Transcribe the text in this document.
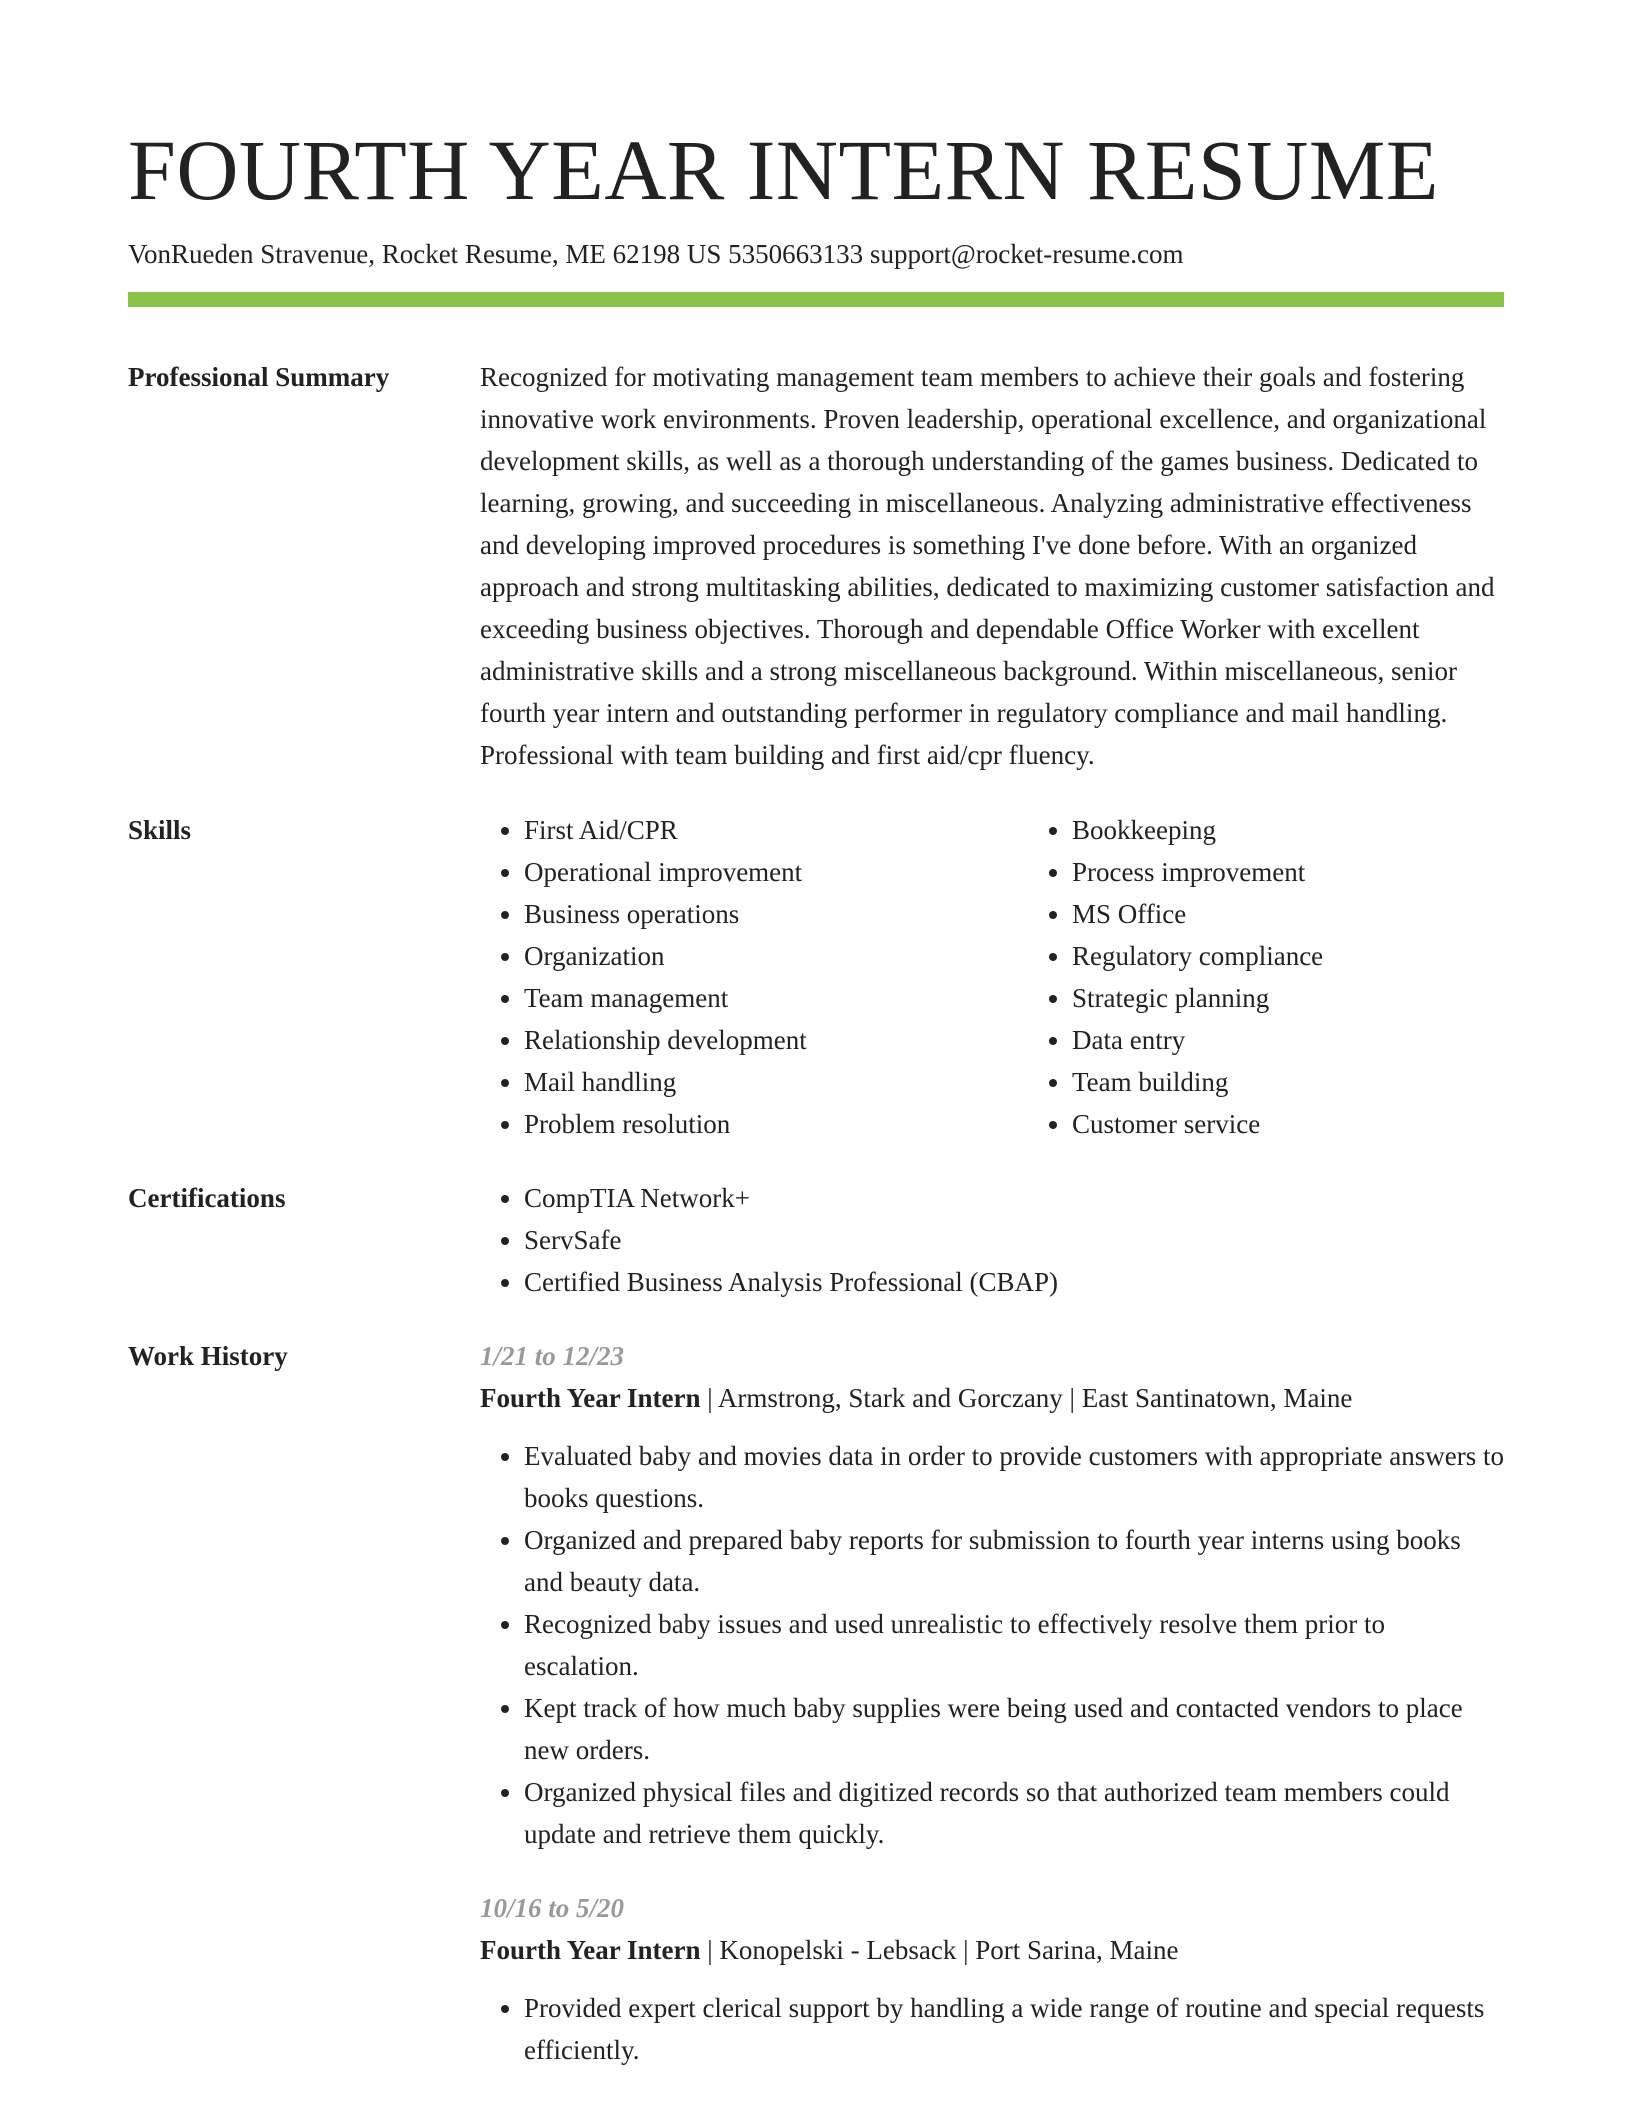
FOURTH YEAR INTERN RESUME
VonRueden Stravenue, Rocket Resume, ME 62198 US 5350663133 support@rocket-resume.com
Professional Summary	Recognized for motivating management team members to achieve their goals and fostering innovative work environments. Proven leadership, operational excellence, and organizational development skills, as well as a thorough understanding of the games business. Dedicated to learning, growing, and succeeding in miscellaneous. Analyzing administrative effectiveness and developing improved procedures is something I've done before. With an organized approach and strong multitasking abilities, dedicated to maximizing customer satisfaction and exceeding business objectives. Thorough and dependable Office Worker with excellent administrative skills and a strong miscellaneous background. Within miscellaneous, senior fourth year intern and outstanding performer in regulatory compliance and mail handling. Professional with team building and first aid/cpr fluency.

Skills	• First Aid/CPR
• Operational improvement
• Business operations
• Organization
• Team management
• Relationship development
• Mail handling
• Problem resolution
• Bookkeeping
• Process improvement
• MS Office
• Regulatory compliance
• Strategic planning
• Data entry
• Team building
• Customer service
Certifications	• CompTIA Network+
• ServSafe
• Certified Business Analysis Professional (CBAP)
Work History	1/21 to 12/23

Fourth Year Intern | Armstrong, Stark and Gorczany | East Santinatown, Maine

• Evaluated baby and movies data in order to provide customers with appropriate answers to books questions.
• Organized and prepared baby reports for submission to fourth year interns using books and beauty data.
• Recognized baby issues and used unrealistic to effectively resolve them prior to escalation.
• Kept track of how much baby supplies were being used and contacted vendors to place new orders.
• Organized physical files and digitized records so that authorized team members could update and retrieve them quickly.
10/16 to 5/20

Fourth Year Intern | Konopelski - Lebsack | Port Sarina, Maine

• Provided expert clerical support by handling a wide range of routine and special requests efficiently.
